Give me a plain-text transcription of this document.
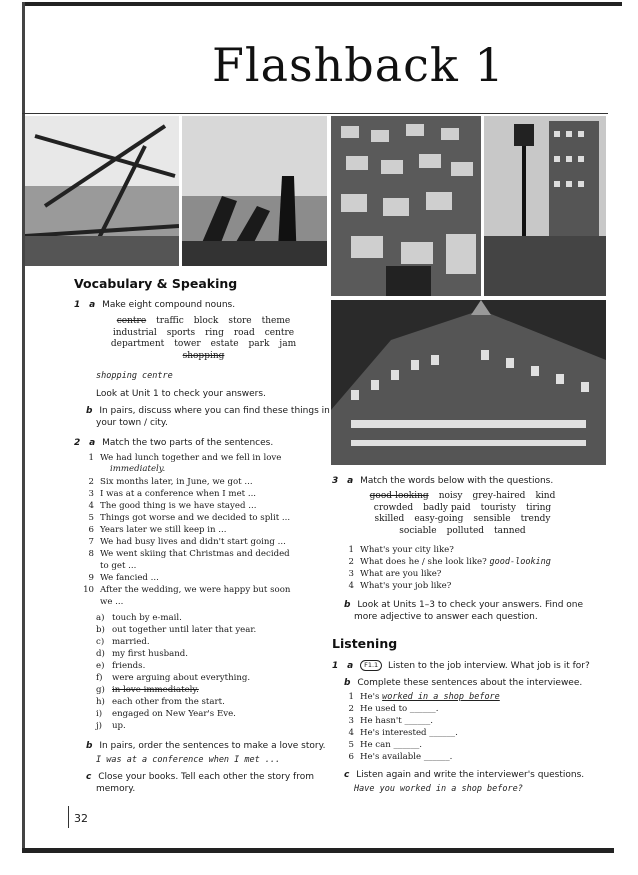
Flashback 1
Vocabulary & Speaking
1 a Make eight compound nouns.
centre traffic block store theme
industrial sports ring road centre
department tower estate park jam
shopping
shopping centre
Look at Unit 1 to check your answers.
b In pairs, discuss where you can find these things in
your town / city.
2 a Match the two parts of the sentences.
1 We had lunch together and we fell in love
immediately.
2 Six months later, in June, we got ...
3 I was at a conference when I met ...
4 The good thing is we have stayed ...
5 Things got worse and we decided to split ...
6 Years later we still keep in ...
7 We had busy lives and didn't start going ...
8 We went skiing that Christmas and decided
to get ...
9 We fancied ...
10 After the wedding, we were happy but soon
we ...
a) touch by e-mail.
b) out together until later that year.
c) married.
d) my first husband.
e) friends.
f) were arguing about everything.
g) in love immediately.
h) each other from the start.
i) engaged on New Year's Eve.
j) up.
b In pairs, order the sentences to make a love story.
I was at a conference when I met ...
c Close your books. Tell each other the story from
memory.
32
3 a Match the words below with the questions.
good-looking noisy grey-haired kind
crowded badly paid touristy tiring
skilled easy-going sensible trendy
sociable polluted tanned
1 What's your city like?
2 What does he / she look like? good-looking
3 What are you like?
4 What's your job like?
b Look at Units 1–3 to check your answers. Find one
more adjective to answer each question.
Listening
1 a F1.1 Listen to the job interview. What job is it for?
b Complete these sentences about the interviewee.
1 He's worked in a shop before
2 He used to ______.
3 He hasn't ______.
4 He's interested ______.
5 He can ______.
6 He's available ______.
c Listen again and write the interviewer's questions.
Have you worked in a shop before?
